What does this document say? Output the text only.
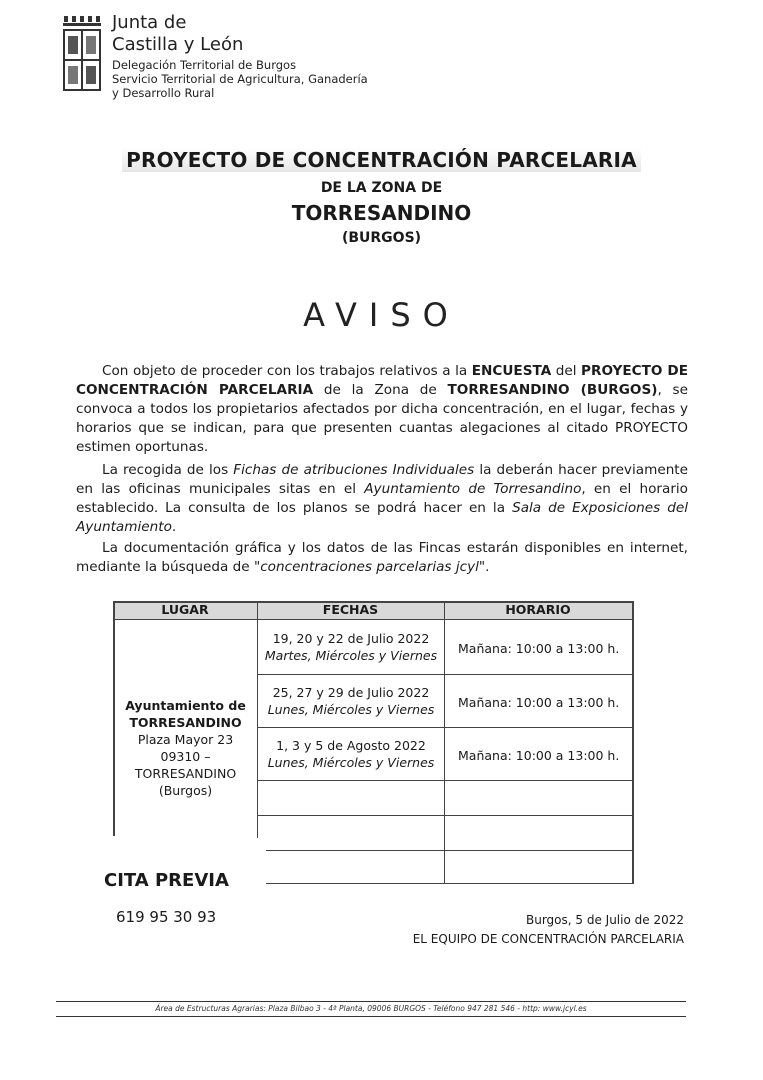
Junta de
Castilla y León
Delegación Territorial de Burgos
Servicio Territorial de Agricultura, Ganadería
y Desarrollo Rural
PROYECTO DE CONCENTRACIÓN PARCELARIA
DE LA ZONA DE
TORRESANDINO
(BURGOS)
AVISO
Con objeto de proceder con los trabajos relativos a la ENCUESTA del PROYECTO DE CONCENTRACIÓN PARCELARIA de la Zona de TORRESANDINO (BURGOS), se convoca a todos los propietarios afectados por dicha concentración, en el lugar, fechas y horarios que se indican, para que presenten cuantas alegaciones al citado PROYECTO estimen oportunas.
La recogida de los Fichas de atribuciones Individuales la deberán hacer previamente en las oficinas municipales sitas en el Ayuntamiento de Torresandino, en el horario establecido. La consulta de los planos se podrá hacer en la Sala de Exposiciones del Ayuntamiento.
La documentación gráfica y los datos de las Fincas estarán disponibles en internet, mediante la búsqueda de "concentraciones parcelarias jcyl".
LUGAR	FECHAS	HORARIO
Ayuntamiento de
TORRESANDINO
Plaza Mayor 23
09310 –
TORRESANDINO
(Burgos)
19, 20 y 22 de Julio 2022
Martes, Miércoles y Viernes	Mañana: 10:00 a 13:00 h.
25, 27 y 29 de Julio 2022
Lunes, Miércoles y Viernes	Mañana: 10:00 a 13:00 h.
1, 3 y 5 de Agosto 2022
Lunes, Miércoles y Viernes	Mañana: 10:00 a 13:00 h.
CITA PREVIA
619 95 30 93	Burgos, 5 de Julio de 2022
EL EQUIPO DE CONCENTRACIÓN PARCELARIA
Área de Estructuras Agrarias: Plaza Bilbao 3 - 4ª Planta, 09006 BURGOS - Teléfono 947 281 546 - http: www.jcyl.es
